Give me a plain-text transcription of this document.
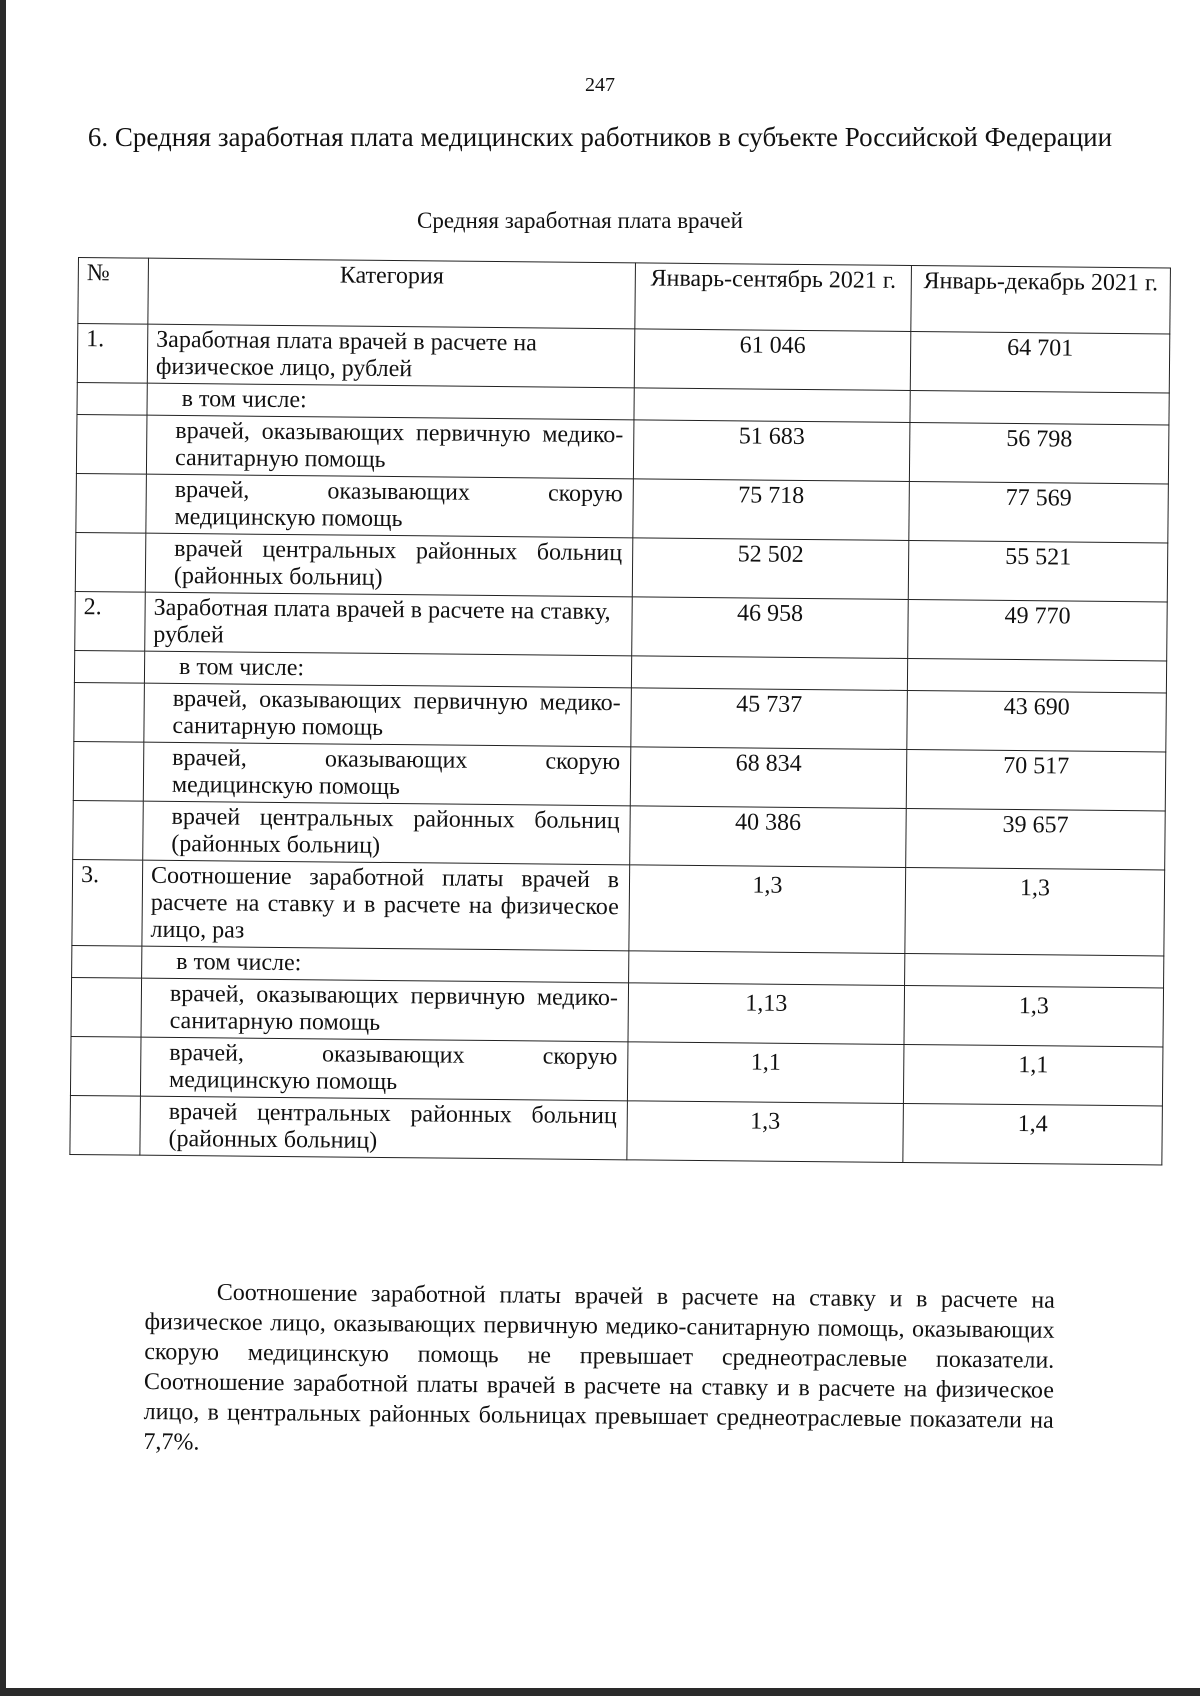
247
6. Средняя заработная плата медицинских работников в субъекте Российской Федерации
Средняя заработная плата врачей
№	Категория	Январь-сентябрь 2021 г.	Январь-декабрь 2021 г.
1.	Заработная плата врачей в расчете на физическое лицо, рублей	61 046	64 701
	в том числе:		
	врачей, оказывающих первичную медико-санитарную помощь	51 683	56 798
	врачей, оказывающих скорую медицинскую помощь	75 718	77 569
	врачей центральных районных больниц (районных больниц)	52 502	55 521
2.	Заработная плата врачей в расчете на ставку, рублей	46 958	49 770
	в том числе:		
	врачей, оказывающих первичную медико-санитарную помощь	45 737	43 690
	врачей, оказывающих скорую медицинскую помощь	68 834	70 517
	врачей центральных районных больниц (районных больниц)	40 386	39 657
3.	Соотношение заработной платы врачей в расчете на ставку и в расчете на физическое лицо, раз	1,3	1,3
	в том числе:		
	врачей, оказывающих первичную медико-санитарную помощь	1,13	1,3
	врачей, оказывающих скорую медицинскую помощь	1,1	1,1
	врачей центральных районных больниц (районных больниц)	1,3	1,4
Соотношение заработной платы врачей в расчете на ставку и в расчете на физическое лицо, оказывающих первичную медико-санитарную помощь, оказывающих скорую медицинскую помощь не превышает среднеотраслевые показатели. Соотношение заработной платы врачей в расчете на ставку и в расчете на физическое лицо, в центральных районных больницах превышает среднеотраслевые показатели на 7,7%.
